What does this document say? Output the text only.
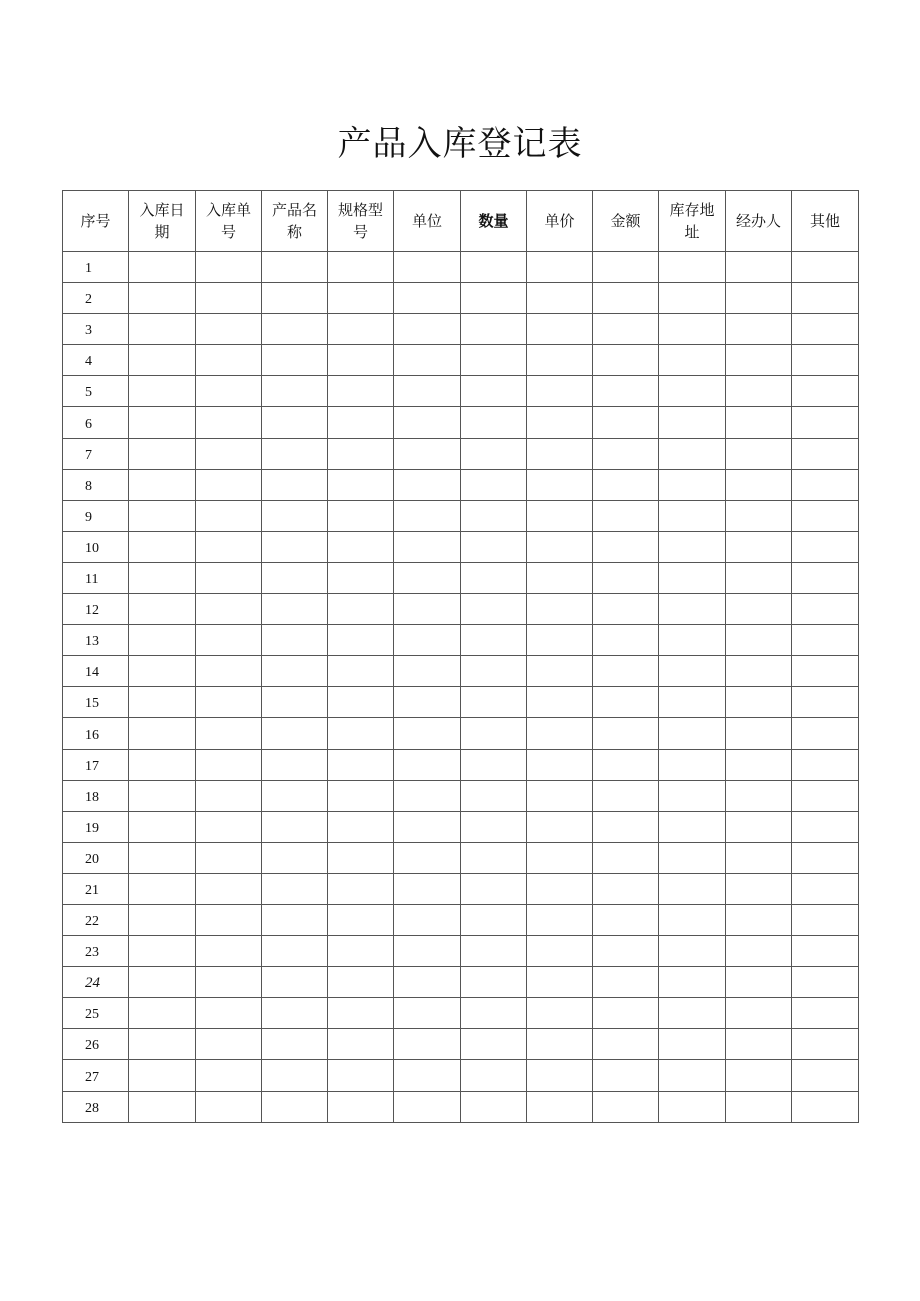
产品入库登记表
序号	入库日期	入库单号	产品名称	规格型号	单位	数量	单价	金额	库存地址	经办人	其他
1											
2											
3											
4											
5											
6											
7											
8											
9											
10											
11											
12											
13											
14											
15											
16											
17											
18											
19											
20											
21											
22											
23											
24											
25											
26											
27											
28											
